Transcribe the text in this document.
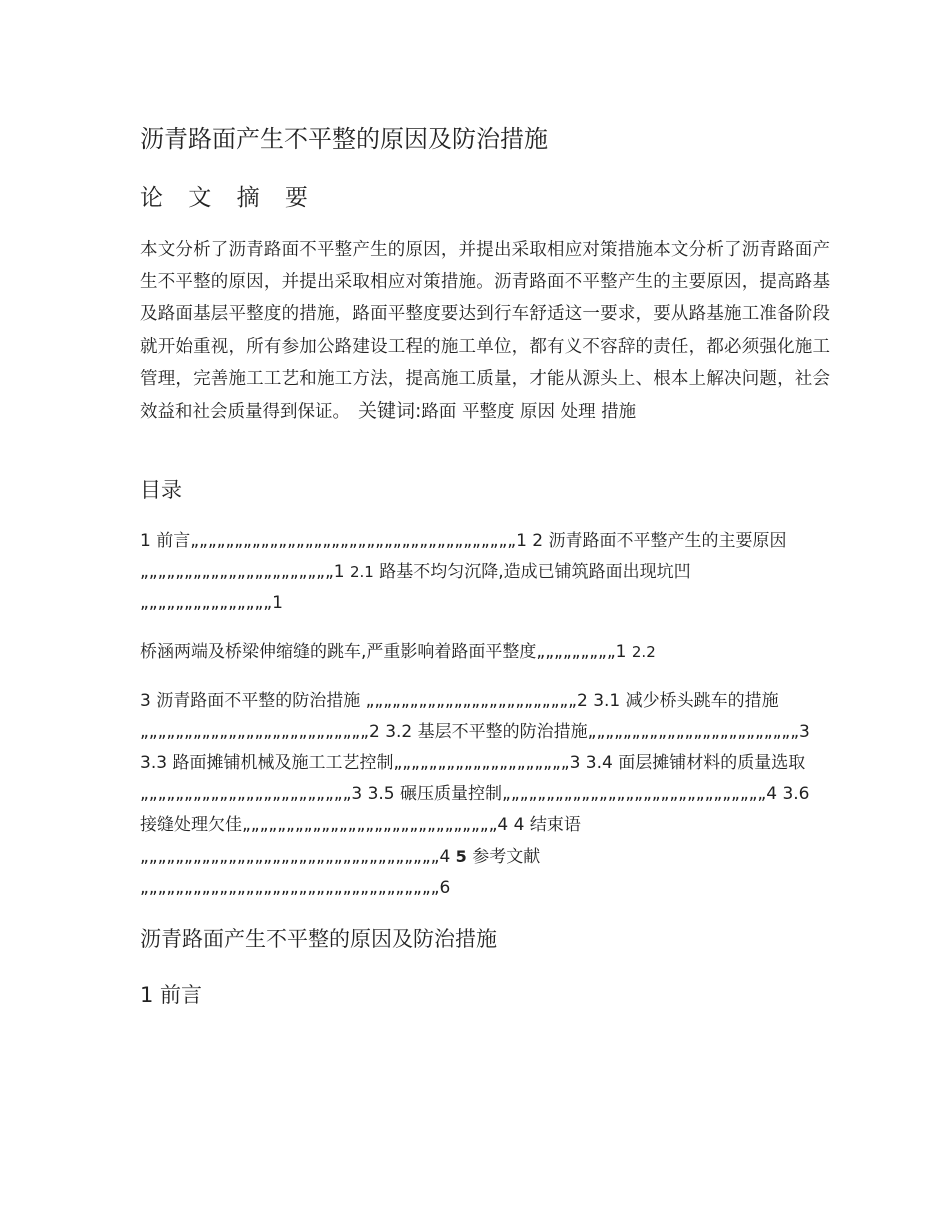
沥青路面产生不平整的原因及防治措施
论 文 摘 要

本文分析了沥青路面不平整产生的原因，并提出采取相应对策措施本文分析了沥青路面产生不平整的原因，并提出采取相应对策措施。沥青路面不平整产生的主要原因，提高路基及路面基层平整度的措施，路面平整度要达到行车舒适这一要求，要从路基施工准备阶段就开始重视，所有参加公路建设工程的施工单位，都有义不容辞的责任，都必须强化施工管理，完善施工工艺和施工方法，提高施工质量，才能从源头上、根本上解决问题，社会效益和社会质量得到保证。 关键词:路面 平整度 原因 处理 措施

目录

1 前言„„„„„„„„„„„„„„„„„„„„„„„„„„„„„„„„„„„„„1 2 沥青路面不平整产生的主要原因„„„„„„„„„„„„„„„„„„„„„„1 2.1 路基不均匀沉降,造成已铺筑路面出现坑凹„„„„„„„„„„„„„„„1

桥涵两端及桥梁伸缩缝的跳车,严重影响着路面平整度„„„„„„„„„1 2.2

3 沥青路面不平整的防治措施 „„„„„„„„„„„„„„„„„„„„„„„„2 3.1 减少桥头跳车的措施„„„„„„„„„„„„„„„„„„„„„„„„„„2 3.2 基层不平整的防治措施„„„„„„„„„„„„„„„„„„„„„„„„3 3.3 路面摊铺机械及施工工艺控制„„„„„„„„„„„„„„„„„„„„3 3.4 面层摊铺材料的质量选取„„„„„„„„„„„„„„„„„„„„„„„„3 3.5 碾压质量控制„„„„„„„„„„„„„„„„„„„„„„„„„„„„„„4 3.6 接缝处理欠佳„„„„„„„„„„„„„„„„„„„„„„„„„„„„„4 4 结束语„„„„„„„„„„„„„„„„„„„„„„„„„„„„„„„„„„4 5 参考文献 „„„„„„„„„„„„„„„„„„„„„„„„„„„„„„„„„„6

沥青路面产生不平整的原因及防治措施
1 前言
